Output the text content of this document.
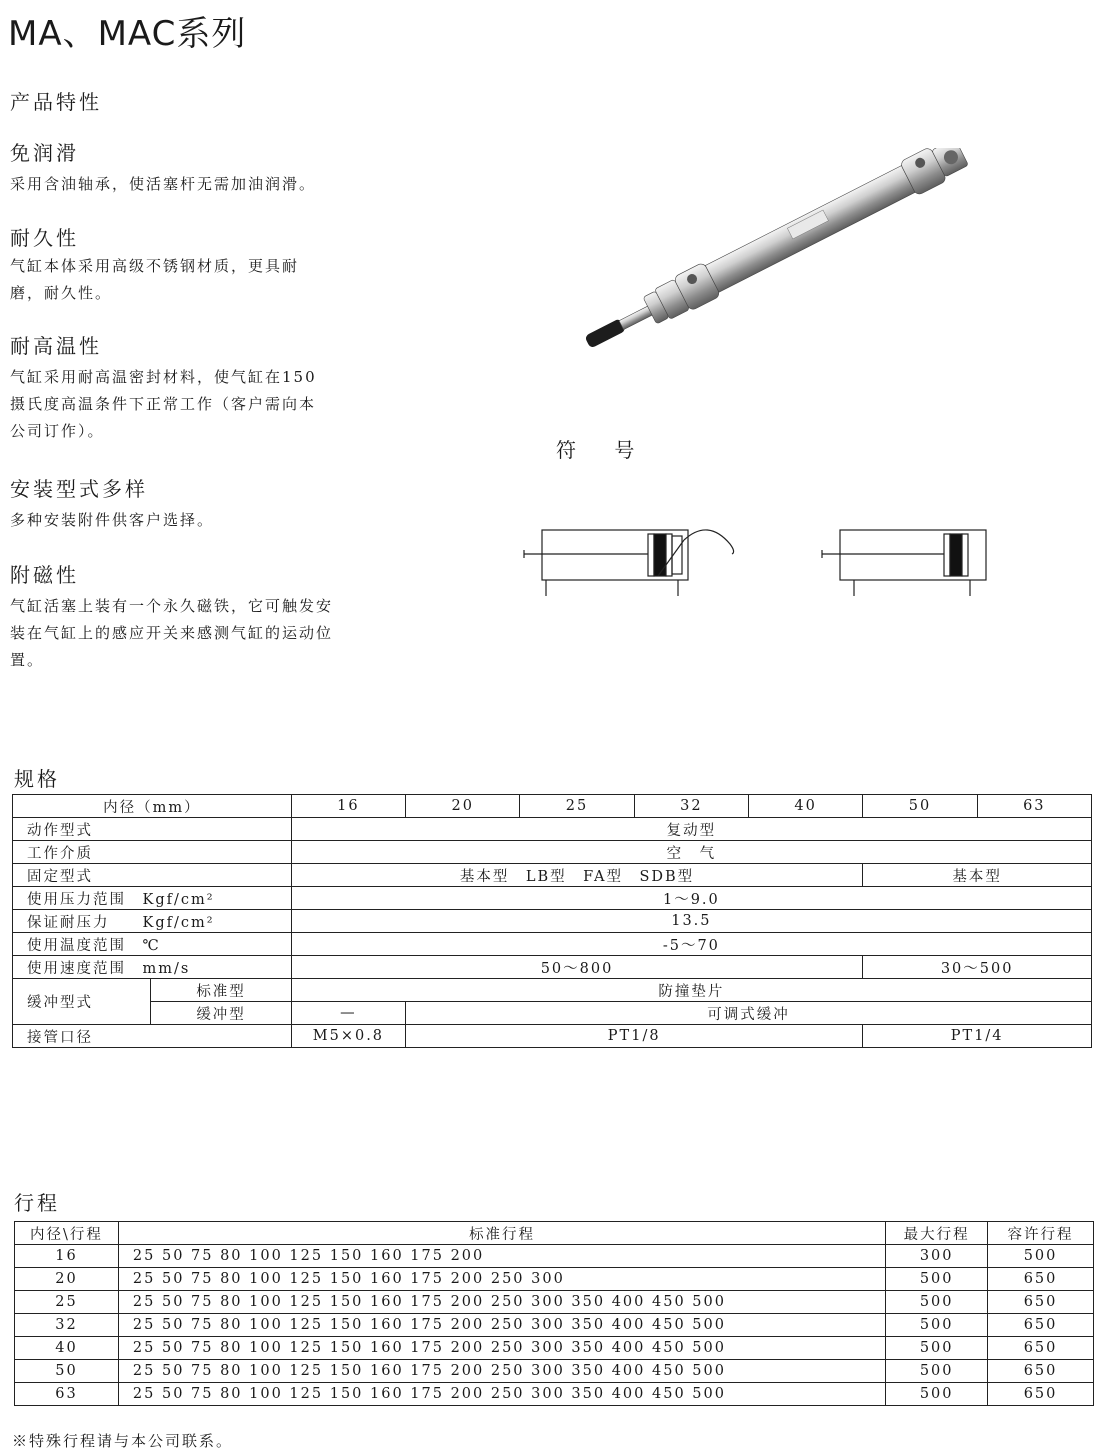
MA、MAC系列
产品特性
免润滑
采用含油轴承，使活塞杆无需加油润滑。
耐久性
气缸本体采用高级不锈钢材质，更具耐
磨，耐久性。
耐高温性
气缸采用耐高温密封材料，使气缸在150
摄氏度高温条件下正常工作（客户需向本
公司订作）。
安装型式多样
多种安装附件供客户选择。
附磁性
气缸活塞上装有一个永久磁铁，它可触发安
装在气缸上的感应开关来感测气缸的运动位
置。
符 号
规格
内径（mm）		16	20	25	32	40	50	63
动作型式		复动型						
工作介质		空　气						
固定型式		基本型　LB型　FA型　SDB型					基本型	
使用压力范围　Kgf/cm²		1～9.0						
保证耐压力　　Kgf/cm²		13.5						
使用温度范围　℃		-5～70						
使用速度范围　mm/s		50～800					30～500	
缓冲型式	标准型	防撞垫片						
	缓冲型	—	可调式缓冲					
接管口径		M5×0.8	PT1/8				PT1/4	
行程
内径\行程	标准行程	最大行程	容许行程
16	25 50 75 80 100 125 150 160 175 200	300	500
20	25 50 75 80 100 125 150 160 175 200 250 300	500	650
25	25 50 75 80 100 125 150 160 175 200 250 300 350 400 450 500	500	650
32	25 50 75 80 100 125 150 160 175 200 250 300 350 400 450 500	500	650
40	25 50 75 80 100 125 150 160 175 200 250 300 350 400 450 500	500	650
50	25 50 75 80 100 125 150 160 175 200 250 300 350 400 450 500	500	650
63	25 50 75 80 100 125 150 160 175 200 250 300 350 400 450 500	500	650
※特殊行程请与本公司联系。
